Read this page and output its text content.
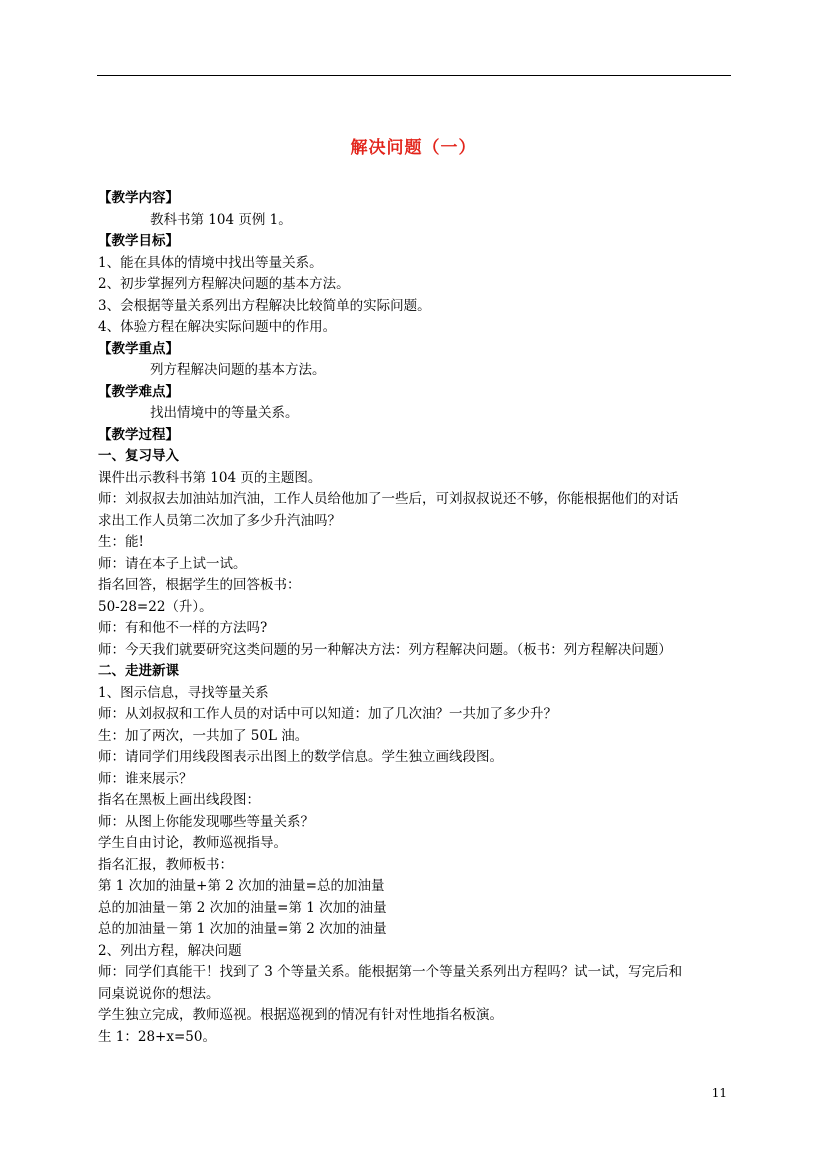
解决问题（一）

【教学内容】

教科书第 104 页例 1。

【教学目标】

1、能在具体的情境中找出等量关系。

2、初步掌握列方程解决问题的基本方法。

3、会根据等量关系列出方程解决比较简单的实际问题。

4、体验方程在解决实际问题中的作用。

【教学重点】

列方程解决问题的基本方法。

【教学难点】

找出情境中的等量关系。

【教学过程】

一、复习导入

课件出示教科书第 104 页的主题图。

师：刘叔叔去加油站加汽油，工作人员给他加了一些后，可刘叔叔说还不够，你能根据他们的对话

求出工作人员第二次加了多少升汽油吗？

生：能!

师：请在本子上试一试。

指名回答，根据学生的回答板书：

50-28=22（升）。

师：有和他不一样的方法吗?

师：今天我们就要研究这类问题的另一种解决方法：列方程解决问题。（板书：列方程解决问题）

二、走进新课

1、图示信息，寻找等量关系

师：从刘叔叔和工作人员的对话中可以知道：加了几次油？一共加了多少升？

生：加了两次，一共加了 50L 油。

师：请同学们用线段图表示出图上的数学信息。学生独立画线段图。

师：谁来展示？

指名在黑板上画出线段图：

师：从图上你能发现哪些等量关系？

学生自由讨论，教师巡视指导。

指名汇报，教师板书：

第 1 次加的油量+第 2 次加的油量=总的加油量

总的加油量－第 2 次加的油量=第 1 次加的油量

总的加油量－第 1 次加的油量=第 2 次加的油量

2、列出方程，解决问题

师：同学们真能干！找到了 3 个等量关系。能根据第一个等量关系列出方程吗？试一试，写完后和

同桌说说你的想法。

学生独立完成，教师巡视。根据巡视到的情况有针对性地指名板演。

生 1：28+x=50。

11
